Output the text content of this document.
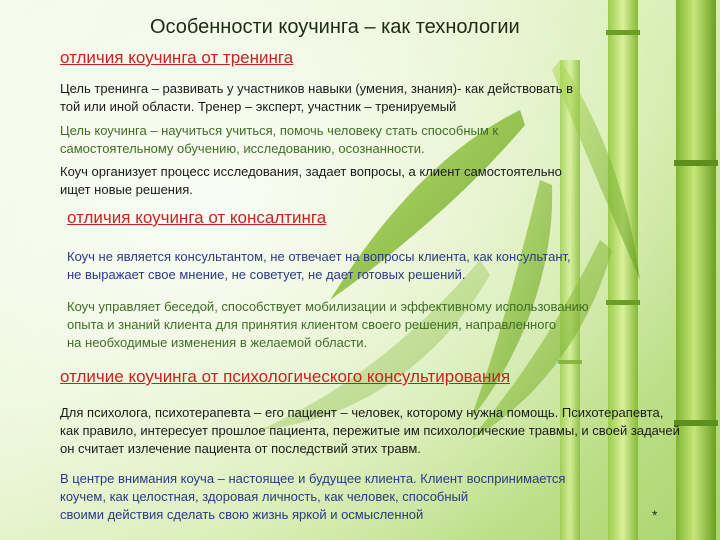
Особенности коучинга – как технологии
отличия коучинга от тренинга
Цель тренинга – развивать у участников навыки (умения, знания)- как действовать в
той или иной области. Тренер – эксперт, участник – тренируемый
Цель коучинга – научиться учиться, помочь человеку стать способным к
самостоятельному обучению, исследованию, осознанности.
Коуч организует процесс исследования, задает вопросы, а клиент самостоятельно
ищет новые решения.
отличия коучинга от консалтинга
Коуч не является консультантом, не отвечает на вопросы клиента, как консультант,
не выражает свое мнение, не советует, не дает готовых решений.
Коуч управляет беседой, способствует мобилизации и эффективному использованию
опыта и знаний клиента для принятия клиентом своего решения, направленного
на необходимые изменения в желаемой области.
отличие коучинга от психологического консультирования
Для психолога, психотерапевта – его пациент – человек, которому нужна помощь. Психотерапевта,
как правило, интересует прошлое пациента, пережитые им психологические травмы, и своей задачей
он считает излечение пациента от последствий этих травм.
В центре внимания коуча – настоящее и будущее клиента. Клиент воспринимается
коучем, как целостная, здоровая личность, как человек, способный
своими действия сделать свою жизнь яркой и осмысленной	*
